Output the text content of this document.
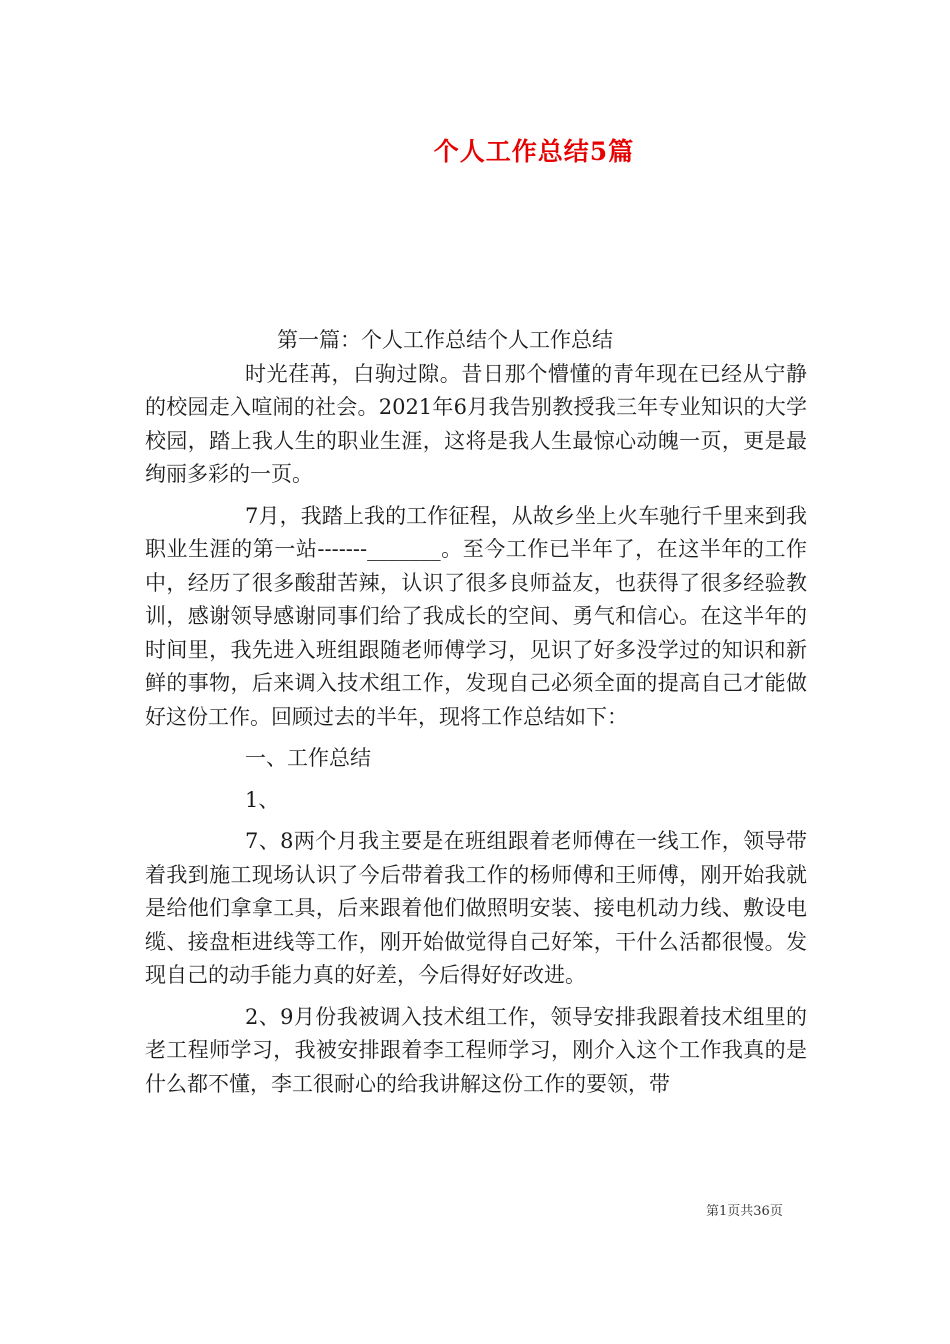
个人工作总结5篇

第一篇：个人工作总结个人工作总结

时光荏苒，白驹过隙。昔日那个懵懂的青年现在已经从宁静的校园走入喧闹的社会。2021年6月我告别教授我三年专业知识的大学校园，踏上我人生的职业生涯，这将是我人生最惊心动魄一页，更是最绚丽多彩的一页。

7月，我踏上我的工作征程，从故乡坐上火车驰行千里来到我职业生涯的第一站-------_______。至今工作已半年了，在这半年的工作中，经历了很多酸甜苦辣，认识了很多良师益友，也获得了很多经验教训，感谢领导感谢同事们给了我成长的空间、勇气和信心。在这半年的时间里，我先进入班组跟随老师傅学习，见识了好多没学过的知识和新鲜的事物，后来调入技术组工作，发现自己必须全面的提高自己才能做好这份工作。回顾过去的半年，现将工作总结如下：

一、工作总结

1、

7、8两个月我主要是在班组跟着老师傅在一线工作，领导带着我到施工现场认识了今后带着我工作的杨师傅和王师傅，刚开始我就是给他们拿拿工具，后来跟着他们做照明安装、接电机动力线、敷设电缆、接盘柜进线等工作，刚开始做觉得自己好笨，干什么活都很慢。发现自己的动手能力真的好差，今后得好好改进。

2、9月份我被调入技术组工作，领导安排我跟着技术组里的老工程师学习，我被安排跟着李工程师学习，刚介入这个工作我真的是什么都不懂，李工很耐心的给我讲解这份工作的要领，带

第1页共36页
